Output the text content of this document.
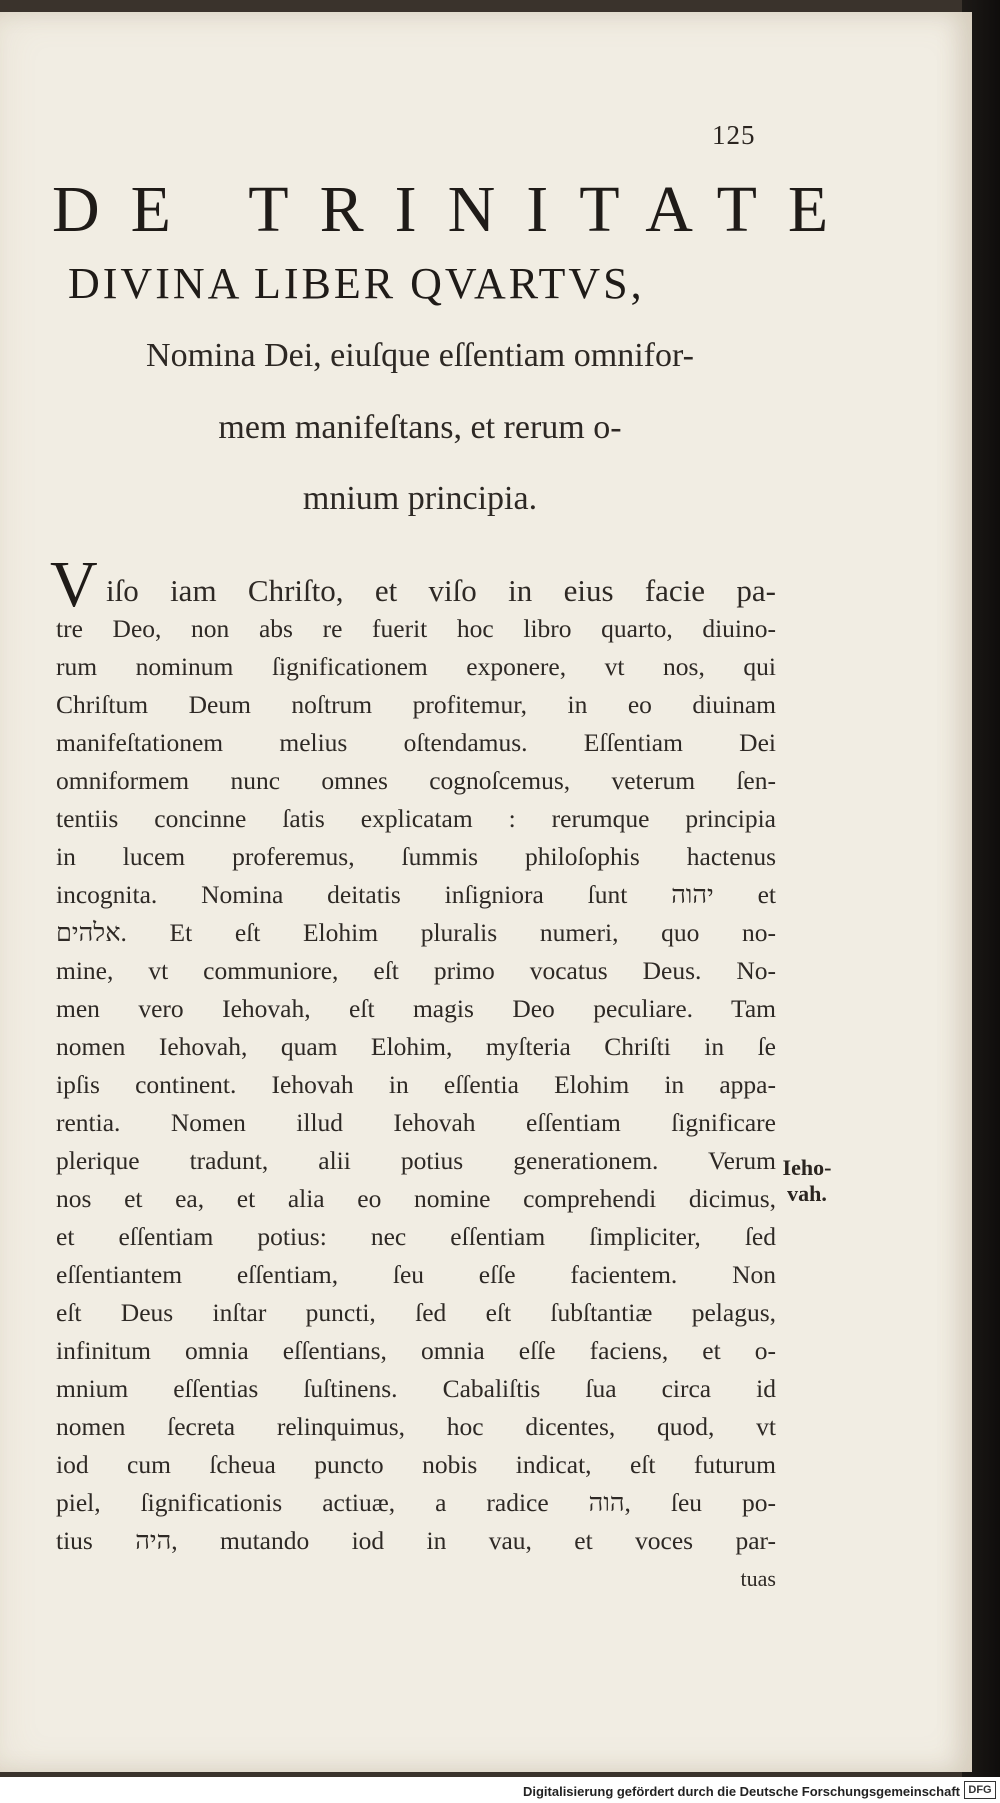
125
DE TRINITATE
DIVINA LIBER QVARTVS,
Nomina Dei, eiuſque eſſentiam omnifor-
mem manifeſtans, et rerum o-
mnium principia.
V iſo iam Chriſto, et viſo in eius facie pa-
tre Deo, non abs re fuerit hoc libro quarto, diuino-
rum nominum ſignificationem exponere, vt nos, qui
Chriſtum Deum noſtrum profitemur, in eo diuinam
manifeſtationem melius oſtendamus. Eſſentiam Dei
omniformem nunc omnes cognoſcemus, veterum ſen-
tentiis concinne ſatis explicatam : rerumque principia
in lucem proferemus, ſummis philoſophis hactenus
incognita. Nomina deitatis inſigniora ſunt יהוה et
אלהים. Et eſt Elohim pluralis numeri, quo no-
mine, vt communiore, eſt primo vocatus Deus. No-
men vero Iehovah, eſt magis Deo peculiare. Tam
nomen Iehovah, quam Elohim, myſteria Chriſti in ſe
ipſis continent. Iehovah in eſſentia Elohim in appa-
rentia. Nomen illud Iehovah eſſentiam ſignificare
plerique tradunt, alii potius generationem. Verum
nos et ea, et alia eo nomine comprehendi dicimus,
et eſſentiam potius: nec eſſentiam ſimpliciter, ſed
eſſentiantem eſſentiam, ſeu eſſe facientem. Non
eſt Deus inſtar puncti, ſed eſt ſubſtantiæ pelagus,
infinitum omnia eſſentians, omnia eſſe faciens, et o-
mnium eſſentias ſuſtinens. Cabaliſtis ſua circa id
nomen ſecreta relinquimus, hoc dicentes, quod, vt
iod cum ſcheua puncto nobis indicat, eſt futurum
piel, ſignificationis actiuæ, a radice הוה, ſeu po-
tius היה, mutando iod in vau, et voces par-
tuas
Ieho-
vah.
Digitalisierung gefördert durch die Deutsche Forschungsgemeinschaft DFG
